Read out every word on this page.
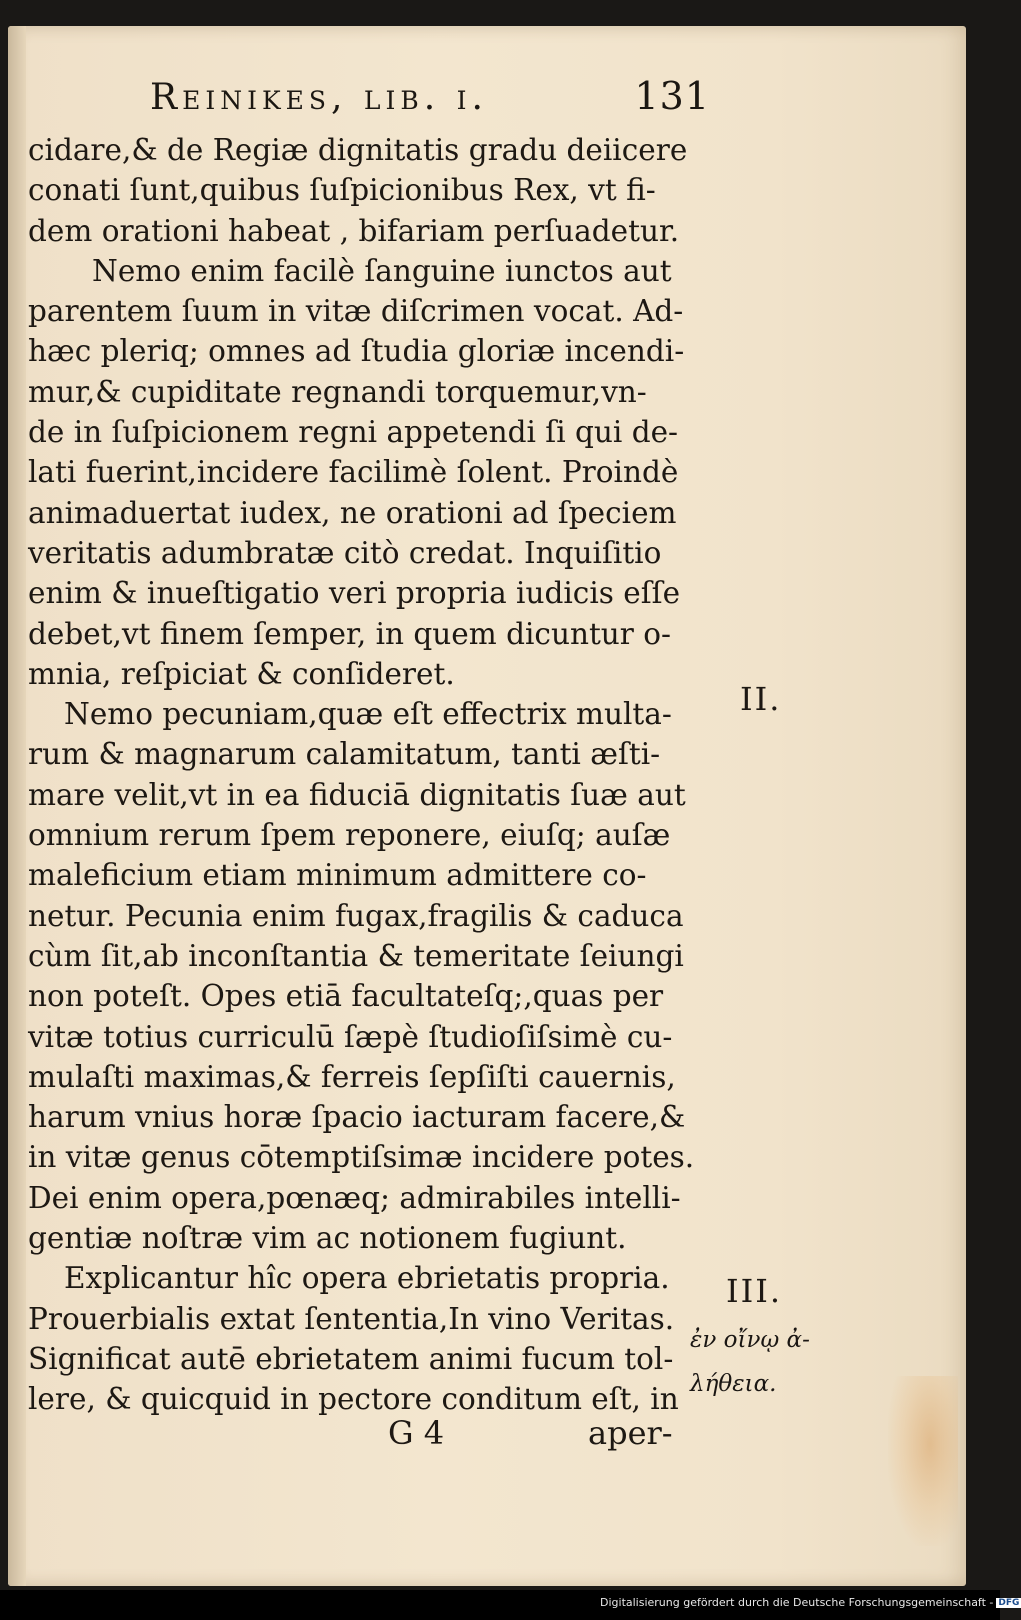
Reinikes, lib. i.	131
cidare,& de Regiæ dignitatis gradu deiicere
conati ſunt,quibus ſuſpicionibus Rex, vt fi-
dem orationi habeat , bifariam perſuadetur.
Nemo enim facilè ſanguine iunctos aut
parentem ſuum in vitæ diſcrimen vocat. Ad-
hæc pleriq; omnes ad ſtudia gloriæ incendi-
mur,& cupiditate regnandi torquemur,vn-
de in ſuſpicionem regni appetendi ſi qui de-
lati fuerint,incidere facilimè ſolent. Proindè
animaduertat iudex, ne orationi ad ſpeciem
veritatis adumbratæ citò credat. Inquiſitio
enim & inueſtigatio veri propria iudicis eſſe
debet,vt finem ſemper, in quem dicuntur o-
mnia, reſpiciat & conſideret.
Nemo pecuniam,quæ eſt effectrix multa-
rum & magnarum calamitatum, tanti æſti-
mare velit,vt in ea fiduciā dignitatis ſuæ aut
omnium rerum ſpem reponere, eiuſq; auſæ
maleficium etiam minimum admittere co-
netur. Pecunia enim fugax,fragilis & caduca
cùm ſit,ab inconſtantia & temeritate ſeiungi
non poteſt. Opes etiā facultateſq;,quas per
vitæ totius curriculū ſæpè ſtudioſiſsimè cu-
mulaſti maximas,& ferreis ſepſiſti cauernis,
harum vnius horæ ſpacio iacturam facere,&
in vitæ genus cōtemptiſsimæ incidere potes.
Dei enim opera,pœnæq; admirabiles intelli-
gentiæ noſtræ vim ac notionem fugiunt.
Explicantur hîc opera ebrietatis propria.
Prouerbialis extat ſententia,In vino Veritas.
Significat autē ebrietatem animi fucum tol-
lere, & quicquid in pectore conditum eſt, in
G 4	aper-
II.
III.
ἐν οἴνῳ ἀ-
λήθεια.
Digitalisierung gefördert durch die Deutsche Forschungsgemeinschaft - DFG
